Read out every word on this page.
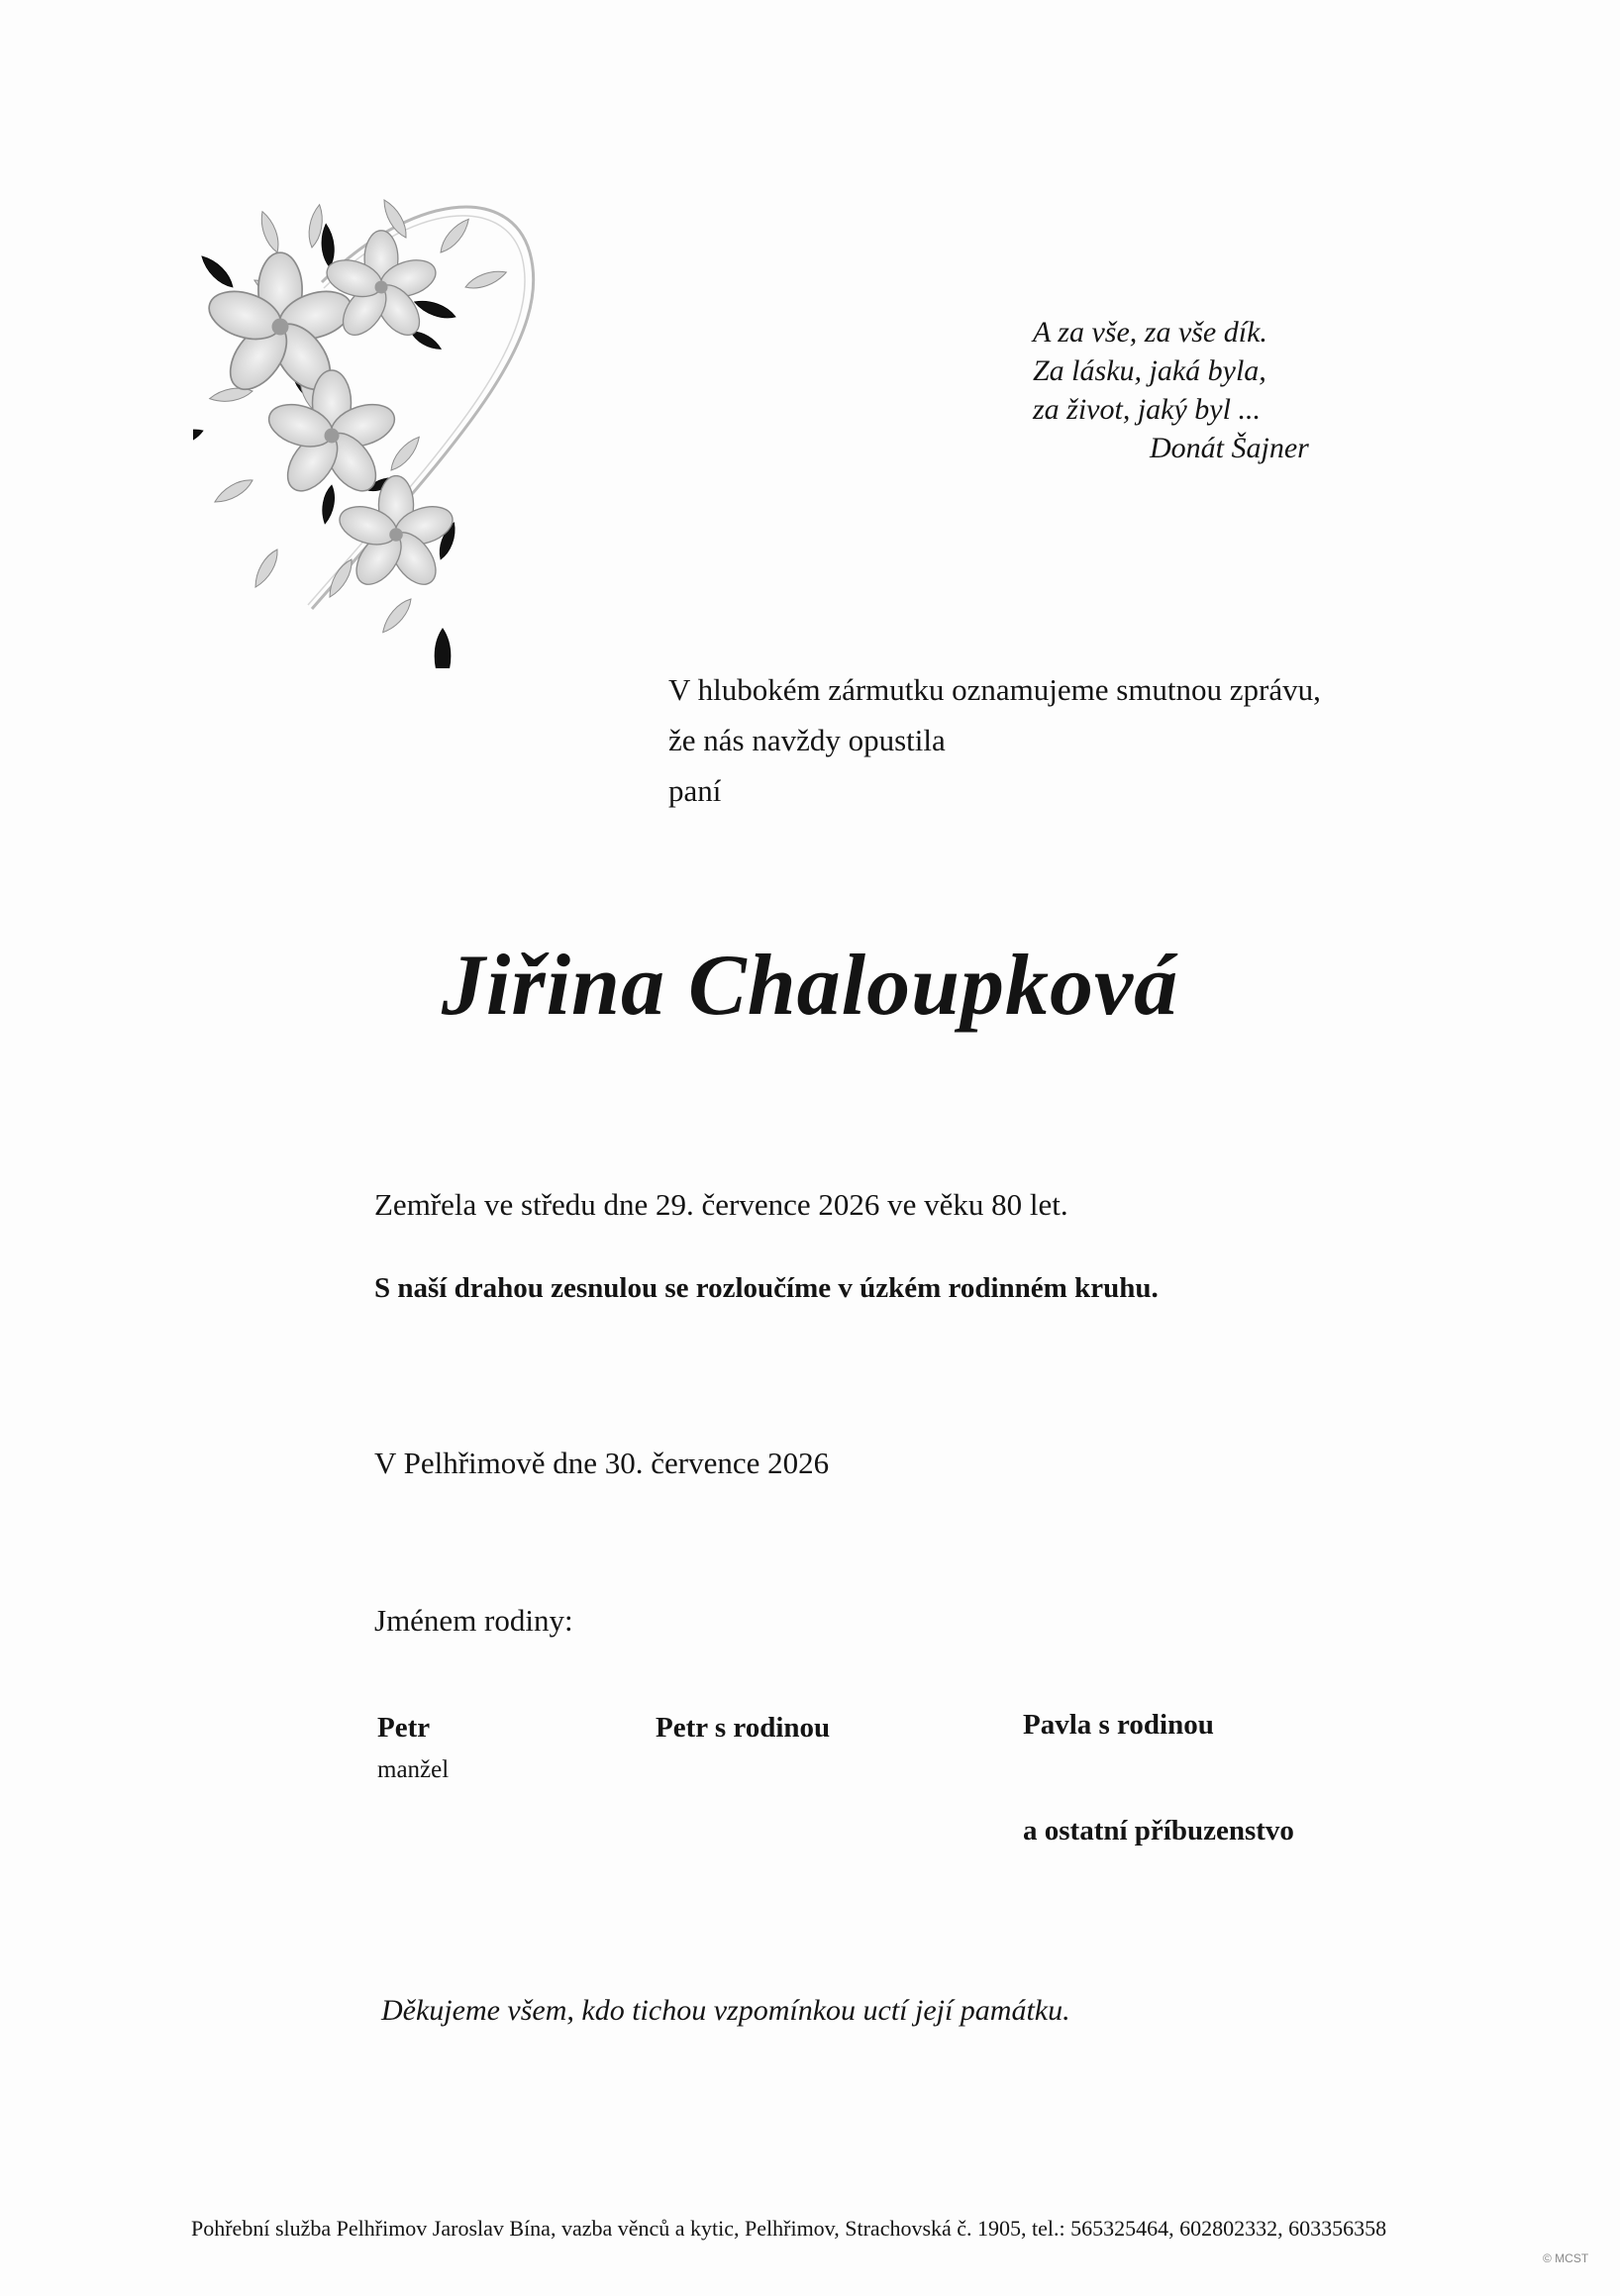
A za vše, za vše dík.
Za lásku, jaká byla,
za život, jaký byl ...
Donát Šajner
V hlubokém zármutku oznamujeme smutnou zprávu,
že nás navždy opustila
paní
Jiřina Chaloupková
Zemřela ve středu dne 29. července 2026 ve věku 80 let.
S naší drahou zesnulou se rozloučíme v úzkém rodinném kruhu.
V Pelhřimově dne 30. července 2026
Jménem rodiny:
Petr
manžel
Petr s rodinou	Pavla s rodinou
a ostatní příbuzenstvo
Děkujeme všem, kdo tichou vzpomínkou uctí její památku.
Pohřební služba Pelhřimov Jaroslav Bína, vazba věnců a kytic, Pelhřimov, Strachovská č. 1905, tel.: 565325464, 602802332, 603356358
© MCST
